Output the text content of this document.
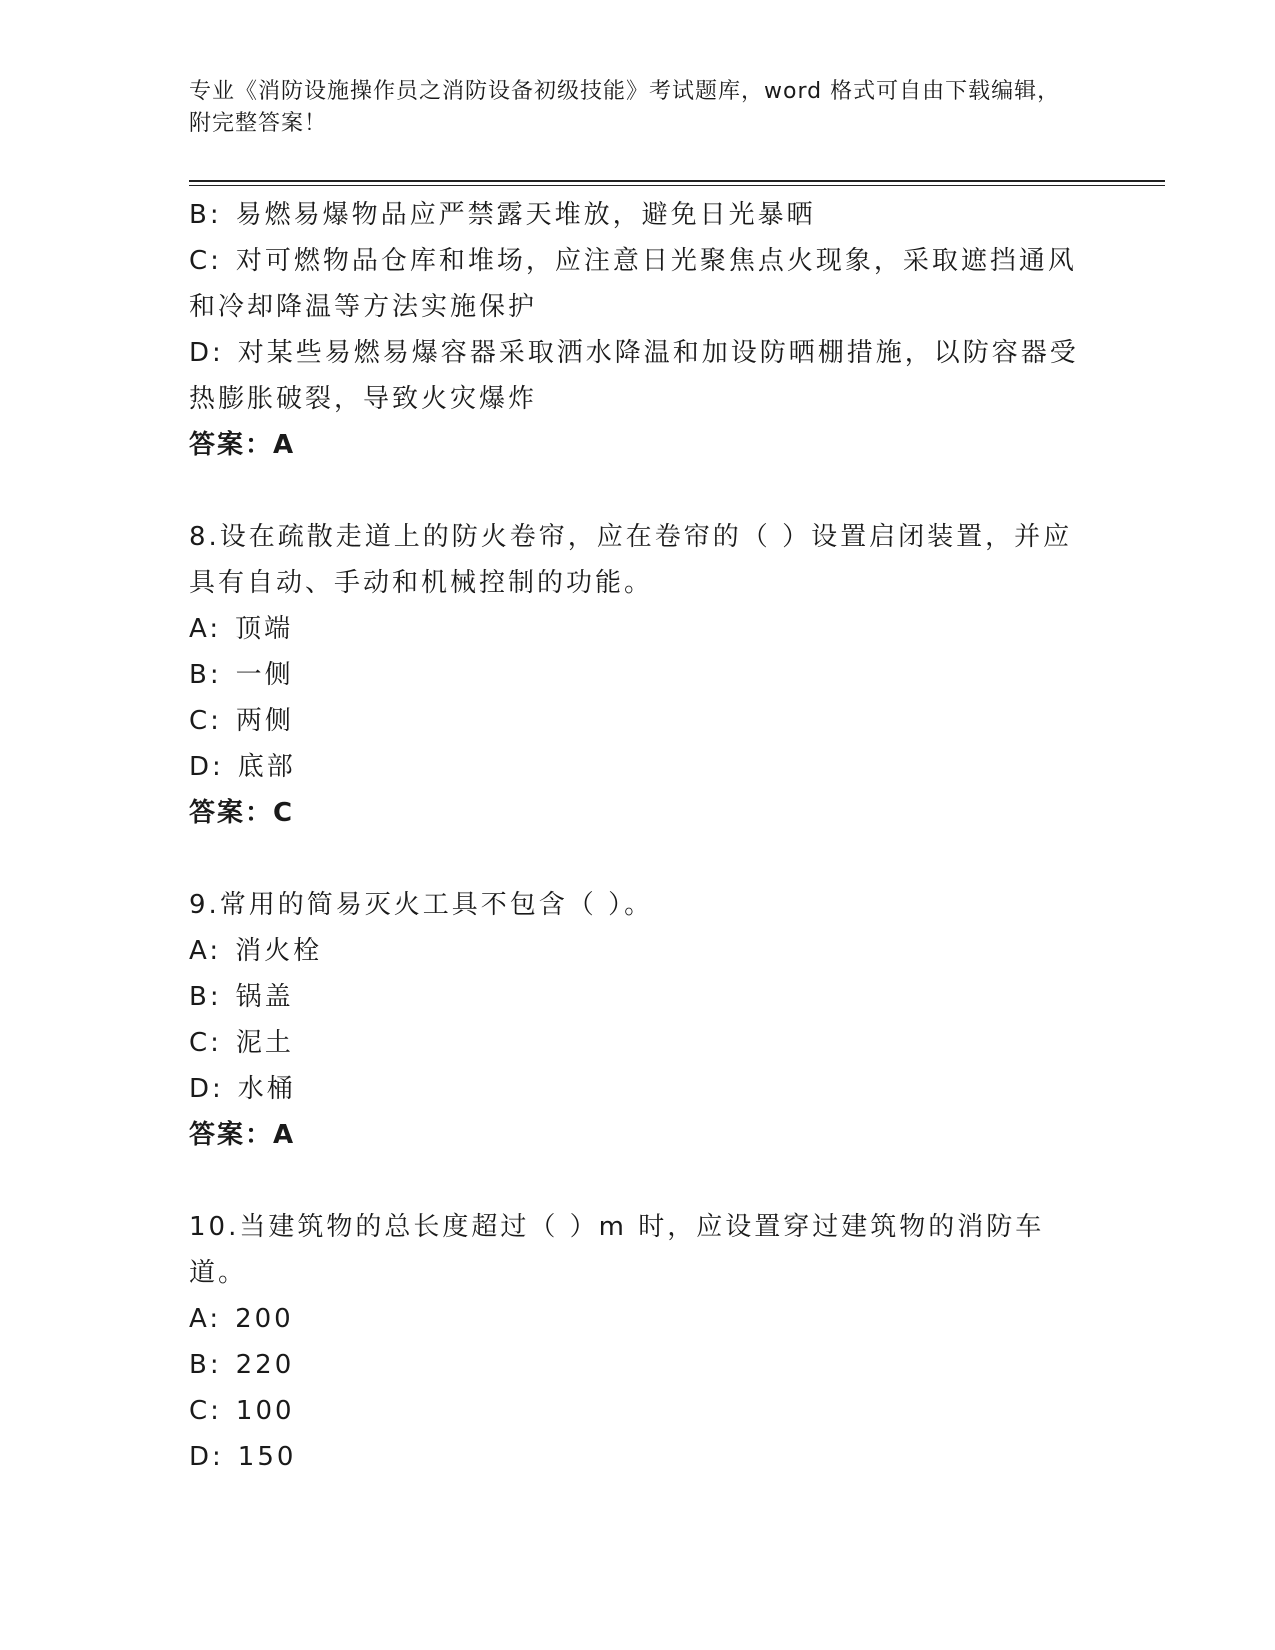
专业《消防设施操作员之消防设备初级技能》考试题库，word 格式可自由下载编辑，附完整答案！
B: 易燃易爆物品应严禁露天堆放，避免日光暴晒
C: 对可燃物品仓库和堆场，应注意日光聚焦点火现象，采取遮挡通风和冷却降温等方法实施保护
D: 对某些易燃易爆容器采取洒水降温和加设防晒棚措施，以防容器受热膨胀破裂，导致火灾爆炸
答案：A
8.设在疏散走道上的防火卷帘，应在卷帘的（ ）设置启闭装置，并应具有自动、手动和机械控制的功能。
A: 顶端
B: 一侧
C: 两侧
D: 底部
答案：C
9.常用的简易灭火工具不包含（ ）。
A: 消火栓
B: 锅盖
C: 泥土
D: 水桶
答案：A
10.当建筑物的总长度超过（ ）m 时，应设置穿过建筑物的消防车道。
A: 200
B: 220
C: 100
D: 150
